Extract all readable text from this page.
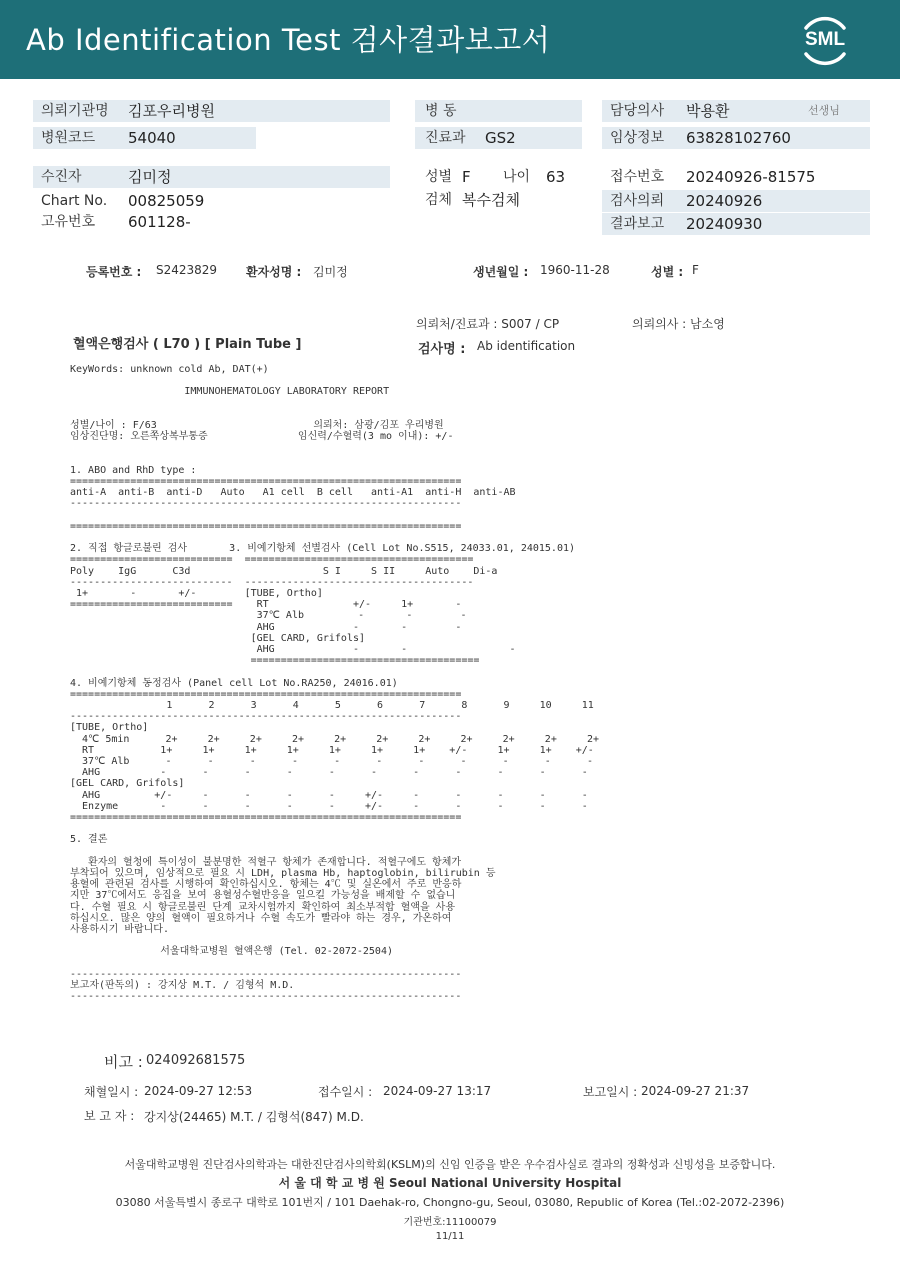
Ab Identification Test 검사결과보고서	SML
의뢰기관명 김포우리병원
병원코드 54040
병 동
진료과 GS2
담당의사 박용환	선생님
임상정보 63828102760
수진자	김미정
Chart No. 00825059
고유번호 601128-
성별 F 나이 63
검체 복수검체
접수번호 20240926-81575
검사의뢰 20240926
결과보고 20240930
등록번호 : S2423829 환자성명 : 김미정	생년월일 : 1960-11-28	성별 : F
의뢰처/진료과 : S007 / CP	의뢰의사 : 남소영
혈액은행검사 ( L70 ) [ Plain Tube ]	검사명 : Ab identification
KeyWords: unknown cold Ab, DAT(+)
IMMUNOHEMATOLOGY LABORATORY REPORT
성별/나이 : F/63                          의뢰처: 삼광/김포 우리병원
임상진단명: 오른쪽상복부통증               임신력/수혈력(3 mo 이내): +/-
1. ABO and RhD type :
=================================================================
anti-A  anti-B  anti-D   Auto   A1 cell  B cell   anti-A1  anti-H  anti-AB
-----------------------------------------------------------------
=================================================================
2. 직접 항글로불린 검사       3. 비예기항체 선별검사 (Cell Lot No.S515, 24033.01, 24015.01)
===========================  ======================================
Poly    IgG      C3d                      S I     S II     Auto    Di-a
---------------------------  --------------------------------------
1+       -       +/-        [TUBE, Ortho]
===========================    RT              +/-     1+       -
37℃ Alb         -       -        -
AHG             -       -        -
[GEL CARD, Grifols]
AHG             -       -                 -
======================================
4. 비예기항체 동정검사 (Panel cell Lot No.RA250, 24016.01)
=================================================================
1      2      3      4      5      6      7      8      9     10     11
-----------------------------------------------------------------
[TUBE, Ortho]
4℃ 5min      2+     2+     2+     2+     2+     2+     2+     2+     2+     2+     2+
RT           1+     1+     1+     1+     1+     1+     1+    +/-     1+     1+    +/-
37℃ Alb      -      -      -      -      -      -      -      -      -      -      -
AHG          -      -      -      -      -      -      -      -      -      -      -
[GEL CARD, Grifols]
AHG         +/-     -      -      -      -     +/-     -      -      -      -      -
Enzyme       -      -      -      -      -     +/-     -      -      -      -      -
=================================================================
5. 결론
환자의 혈청에 특이성이 불분명한 적혈구 항체가 존재합니다. 적혈구에도 항체가
부착되어 있으며, 임상적으로 필요 시 LDH, plasma Hb, haptoglobin, bilirubin 등
용혈에 관련된 검사를 시행하여 확인하십시오. 항체는 4℃ 및 실온에서 주로 반응하
지만 37℃에서도 응집을 보여 용혈성수혈반응을 일으킬 가능성을 배제할 수 없습니
다. 수혈 필요 시 항글로불린 단계 교차시험까지 확인하여 최소부적합 혈액을 사용
하십시오. 많은 양의 혈액이 필요하거나 수혈 속도가 빨라야 하는 경우, 가온하여
사용하시기 바랍니다.
서울대학교병원 혈액은행 (Tel. 02-2072-2504)
-----------------------------------------------------------------
보고자(판독의) : 강지상 M.T. / 김형석 M.D.
-----------------------------------------------------------------
비고 : 024092681575
채혈일시 : 2024-09-27 12:53	접수일시 : 2024-09-27 13:17	보고일시 : 2024-09-27 21:37
보 고 자 : 강지상(24465) M.T. / 김형석(847) M.D.
서울대학교병원 진단검사의학과는 대한진단검사의학회(KSLM)의 신임 인증을 받은 우수검사실로 결과의 정확성과 신빙성을 보증합니다.
서 울 대 학 교 병 원 Seoul National University Hospital
03080 서울특별시 종로구 대학로 101번지 / 101 Daehak-ro, Chongno-gu, Seoul, 03080, Republic of Korea (Tel.:02-2072-2396)
기관번호:11100079
11/11
